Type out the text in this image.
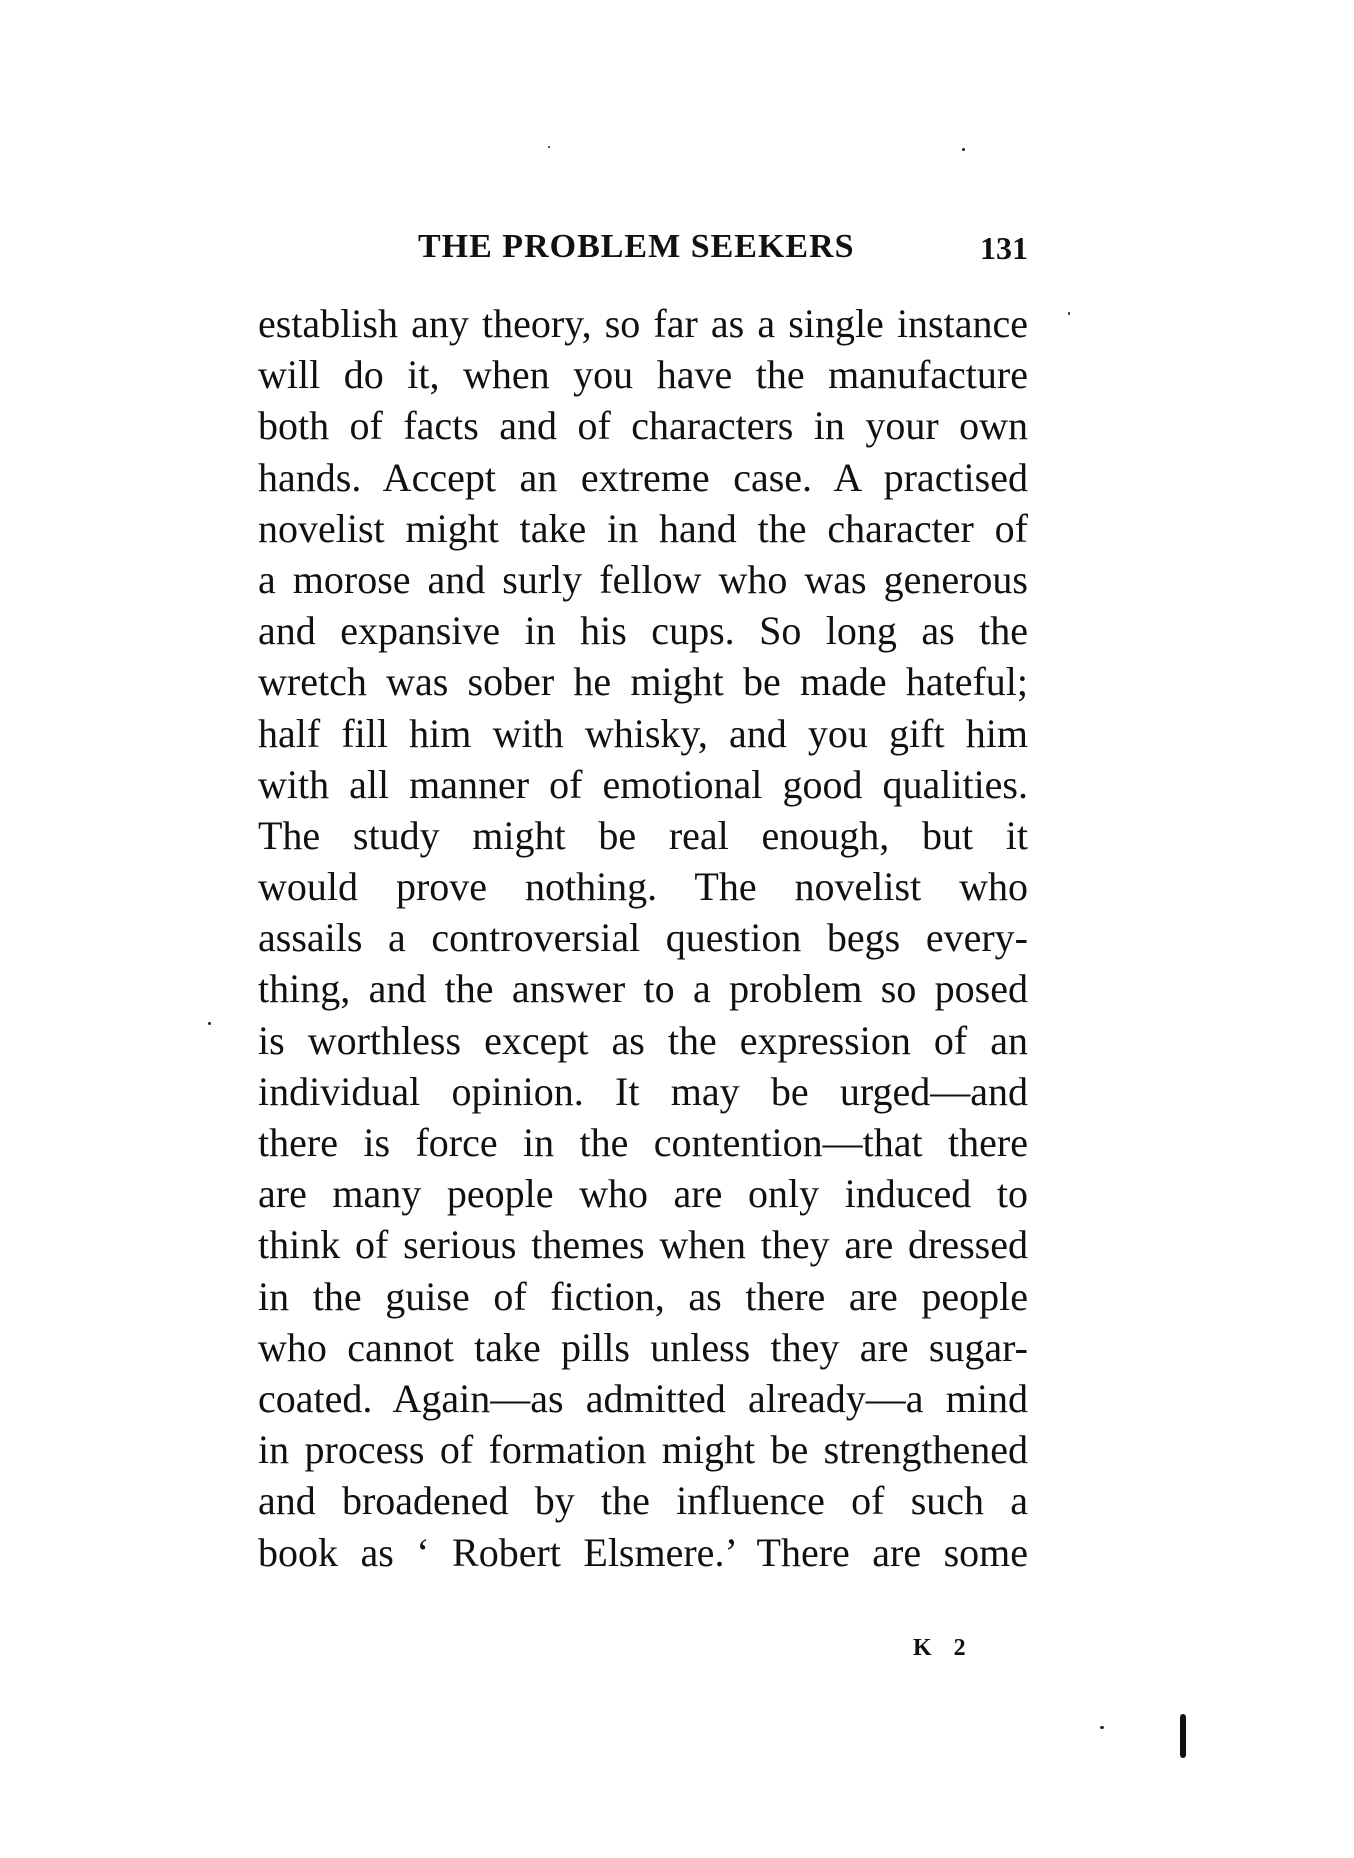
THE PROBLEM SEEKERS	131
establish any theory, so far as a single instance
will do it, when you have the manufacture
both of facts and of characters in your own
hands. Accept an extreme case. A practised
novelist might take in hand the character of
a morose and surly fellow who was generous
and expansive in his cups. So long as the
wretch was sober he might be made hateful;
half fill him with whisky, and you gift him
with all manner of emotional good qualities.
The study might be real enough, but it
would prove nothing. The novelist who
assails a controversial question begs every-
thing, and the answer to a problem so posed
is worthless except as the expression of an
individual opinion. It may be urged—and
there is force in the contention—that there
are many people who are only induced to
think of serious themes when they are dressed
in the guise of fiction, as there are people
who cannot take pills unless they are sugar-
coated. Again—as admitted already—a mind
in process of formation might be strengthened
and broadened by the influence of such a
book as ‘ Robert Elsmere.’ There are some
K 2
